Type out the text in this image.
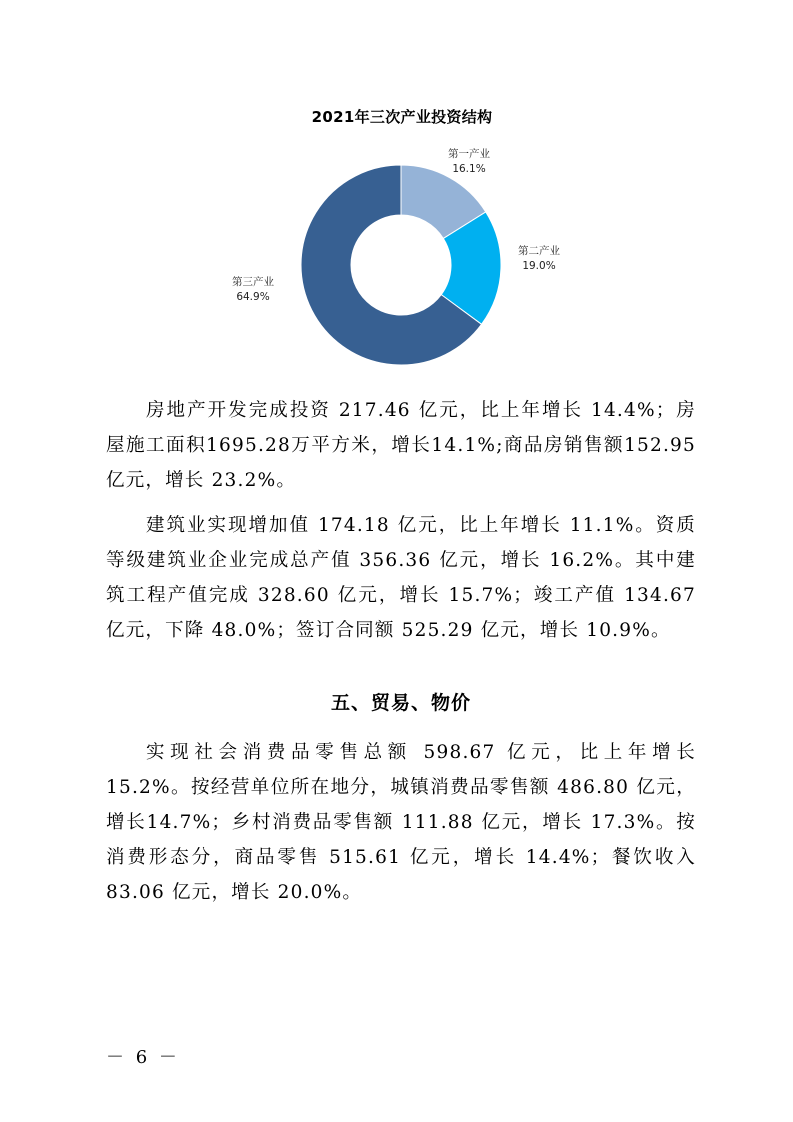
2021年三次产业投资结构
第一产业
16.1%
第二产业
19.0%
第三产业
64.9%

房地产开发完成投资 217.46 亿元，比上年增长 14.4%；房屋施工面积1695.28万平方米，增长14.1%;商品房销售额152.95亿元，增长 23.2%。

建筑业实现增加值 174.18 亿元，比上年增长 11.1%。资质等级建筑业企业完成总产值 356.36 亿元，增长 16.2%。其中建筑工程产值完成 328.60 亿元，增长 15.7%；竣工产值 134.67 亿元，下降 48.0%；签订合同额 525.29 亿元，增长 10.9%。

五、贸易、物价

实现社会消费品零售总额 598.67 亿元，比上年增长 15.2%。按经营单位所在地分，城镇消费品零售额 486.80 亿元，增长14.7%；乡村消费品零售额 111.88 亿元，增长 17.3%。按消费形态分，商品零售 515.61 亿元，增长 14.4%；餐饮收入 83.06 亿元，增长 20.0%。

－ 6 －
